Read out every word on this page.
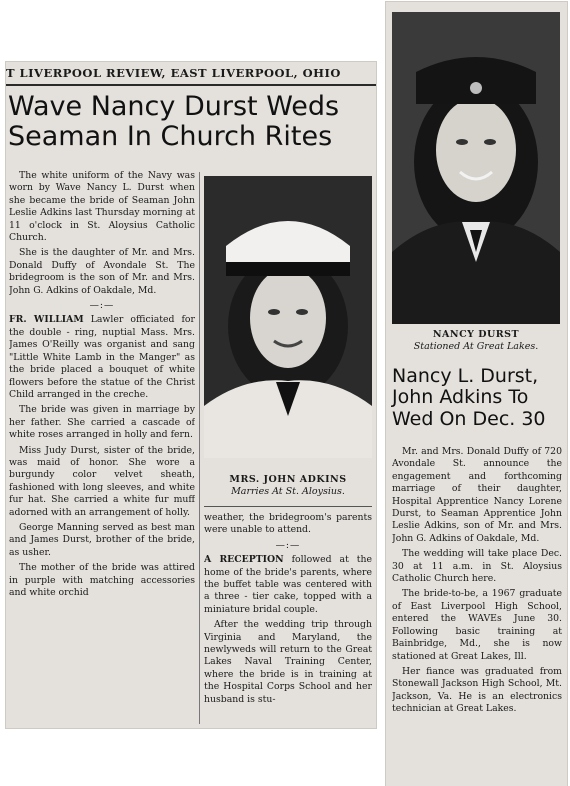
T LIVERPOOL REVIEW, EAST LIVERPOOL, OHIO
Wave Nancy Durst Weds
Seaman In Church Rites

The white uniform of the Navy was worn by Wave Nancy L. Durst when she became the bride of Seaman John Leslie Adkins last Thursday morning at 11 o'clock in St. Aloysius Catholic Church.

She is the daughter of Mr. and Mrs. Donald Duffy of Avondale St. The bridegroom is the son of Mr. and Mrs. John G. Adkins of Oakdale, Md.

—:—

FR. WILLIAM Lawler officiated for the double - ring, nuptial Mass. Mrs. James O'Reilly was organist and sang "Little White Lamb in the Manger" as the bride placed a bouquet of white flowers before the statue of the Christ Child arranged in the creche.

The bride was given in marriage by her father. She carried a cascade of white roses arranged in holly and fern.

Miss Judy Durst, sister of the bride, was maid of honor. She wore a burgundy color velvet sheath, fashioned with long sleeves, and white fur hat. She carried a white fur muff adorned with an arrangement of holly.

George Manning served as best man and James Durst, brother of the bride, as usher.

The mother of the bride was attired in purple with matching accessories and white orchid

MRS. JOHN ADKINS
Marries At St. Aloysius.

weather, the bridegroom's parents were unable to attend.

—:—

A RECEPTION followed at the home of the bride's parents, where the buffet table was centered with a three - tier cake, topped with a miniature bridal couple.

After the wedding trip through Virginia and Maryland, the newlyweds will return to the Great Lakes Naval Training Center, where the bride is in training at the Hospital Corps School and her husband is stu-

NANCY DURST
Stationed At Great Lakes.
Nancy L. Durst,
John Adkins To
Wed On Dec. 30

Mr. and Mrs. Donald Duffy of 720 Avondale St. announce the engagement and forthcoming marriage of their daughter, Hospital Apprentice Nancy Lorene Durst, to Seaman Apprentice John Leslie Adkins, son of Mr. and Mrs. John G. Adkins of Oakdale, Md.

The wedding will take place Dec. 30 at 11 a.m. in St. Aloysius Catholic Church here.

The bride-to-be, a 1967 graduate of East Liverpool High School, entered the WAVEs June 30. Following basic training at Bainbridge, Md., she is now stationed at Great Lakes, Ill.

Her fiance was graduated from Stonewall Jackson High School, Mt. Jackson, Va. He is an electronics technician at Great Lakes.
